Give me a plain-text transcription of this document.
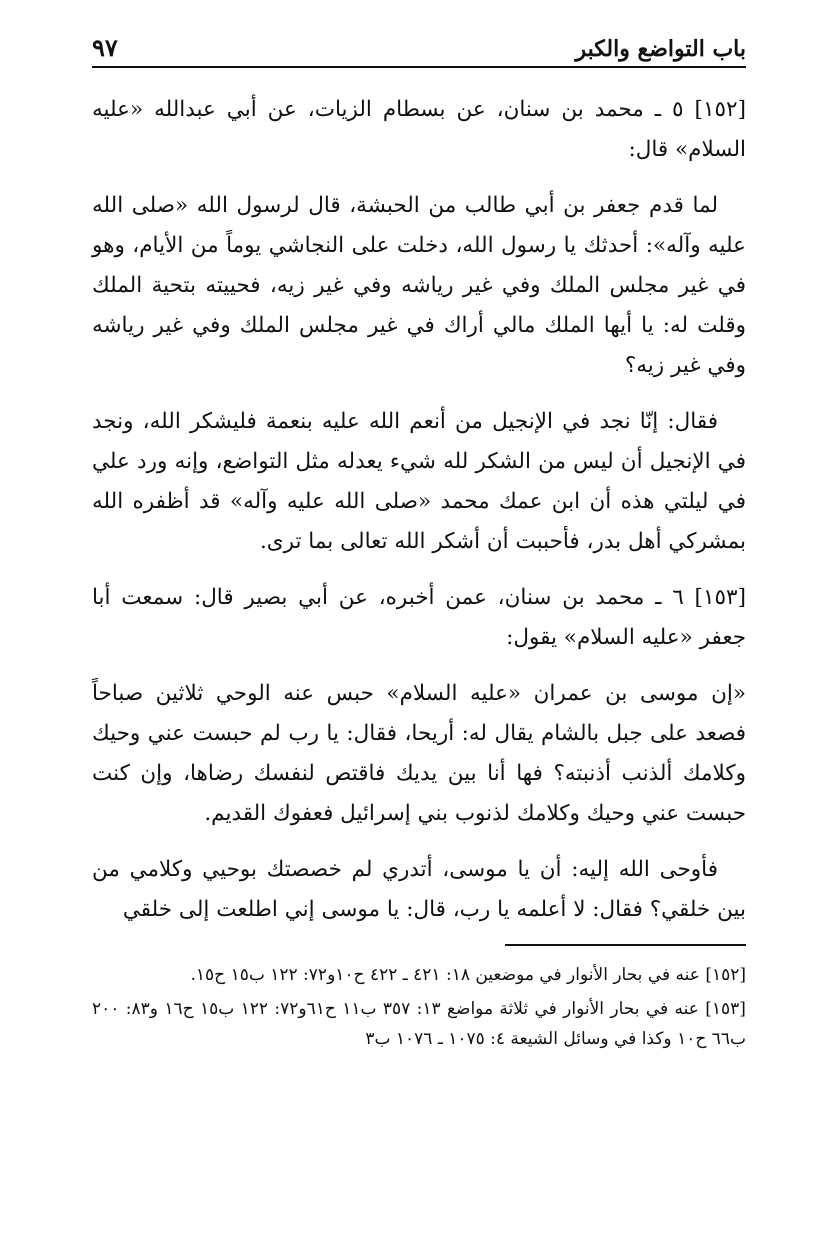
باب التواضع والكبر
٩٧

[١٥٢] ٥ ـ محمد بن سنان، عن بسطام الزيات، عن أبي عبدالله «عليه السلام» قال:

لما قدم جعفر بن أبي طالب من الحبشة، قال لرسول الله «صلى الله عليه وآله»: أحدثك يا رسول الله، دخلت على النجاشي يوماً من الأيام، وهو في غير مجلس الملك وفي غير رياشه وفي غير زيه، فحييته بتحية الملك وقلت له: يا أيها الملك مالي أراك في غير مجلس الملك وفي غير رياشه وفي غير زيه؟

فقال: إنّا نجد في الإنجيل من أنعم الله عليه بنعمة فليشكر الله، ونجد في الإنجيل أن ليس من الشكر لله شيء يعدله مثل التواضع، وإنه ورد علي في ليلتي هذه أن ابن عمك محمد «صلى الله عليه وآله» قد أظفره الله بمشركي أهل بدر، فأحببت أن أشكر الله تعالى بما ترى.

[١٥٣] ٦ ـ محمد بن سنان، عمن أخبره، عن أبي بصير قال: سمعت أبا جعفر «عليه السلام» يقول:

«إن موسى بن عمران «عليه السلام» حبس عنه الوحي ثلاثين صباحاً فصعد على جبل بالشام يقال له: أريحا، فقال: يا رب لم حبست عني وحيك وكلامك ألذنب أذنبته؟ فها أنا بين يديك فاقتص لنفسك رضاها، وإن كنت حبست عني وحيك وكلامك لذنوب بني إسرائيل فعفوك القديم.

فأوحى الله إليه: أن يا موسى، أتدري لم خصصتك بوحيي وكلامي من بين خلقي؟ فقال: لا أعلمه يا رب، قال: يا موسى إني اطلعت إلى خلقي

[١٥٢] عنه في بحار الأنوار في موضعين ١٨: ٤٢١ ـ ٤٢٢ ح١٠و٧٢: ١٢٢ ب١٥ ح١٥.

[١٥٣] عنه في بحار الأنوار في ثلاثة مواضع ١٣: ٣٥٧ ب١١ ح٦١و٧٢: ١٢٢ ب١٥ ح١٦ و٨٣: ٢٠٠ ب٦٦ ح١٠ وكذا في وسائل الشيعة ٤: ١٠٧٥ ـ ١٠٧٦ ب٣
